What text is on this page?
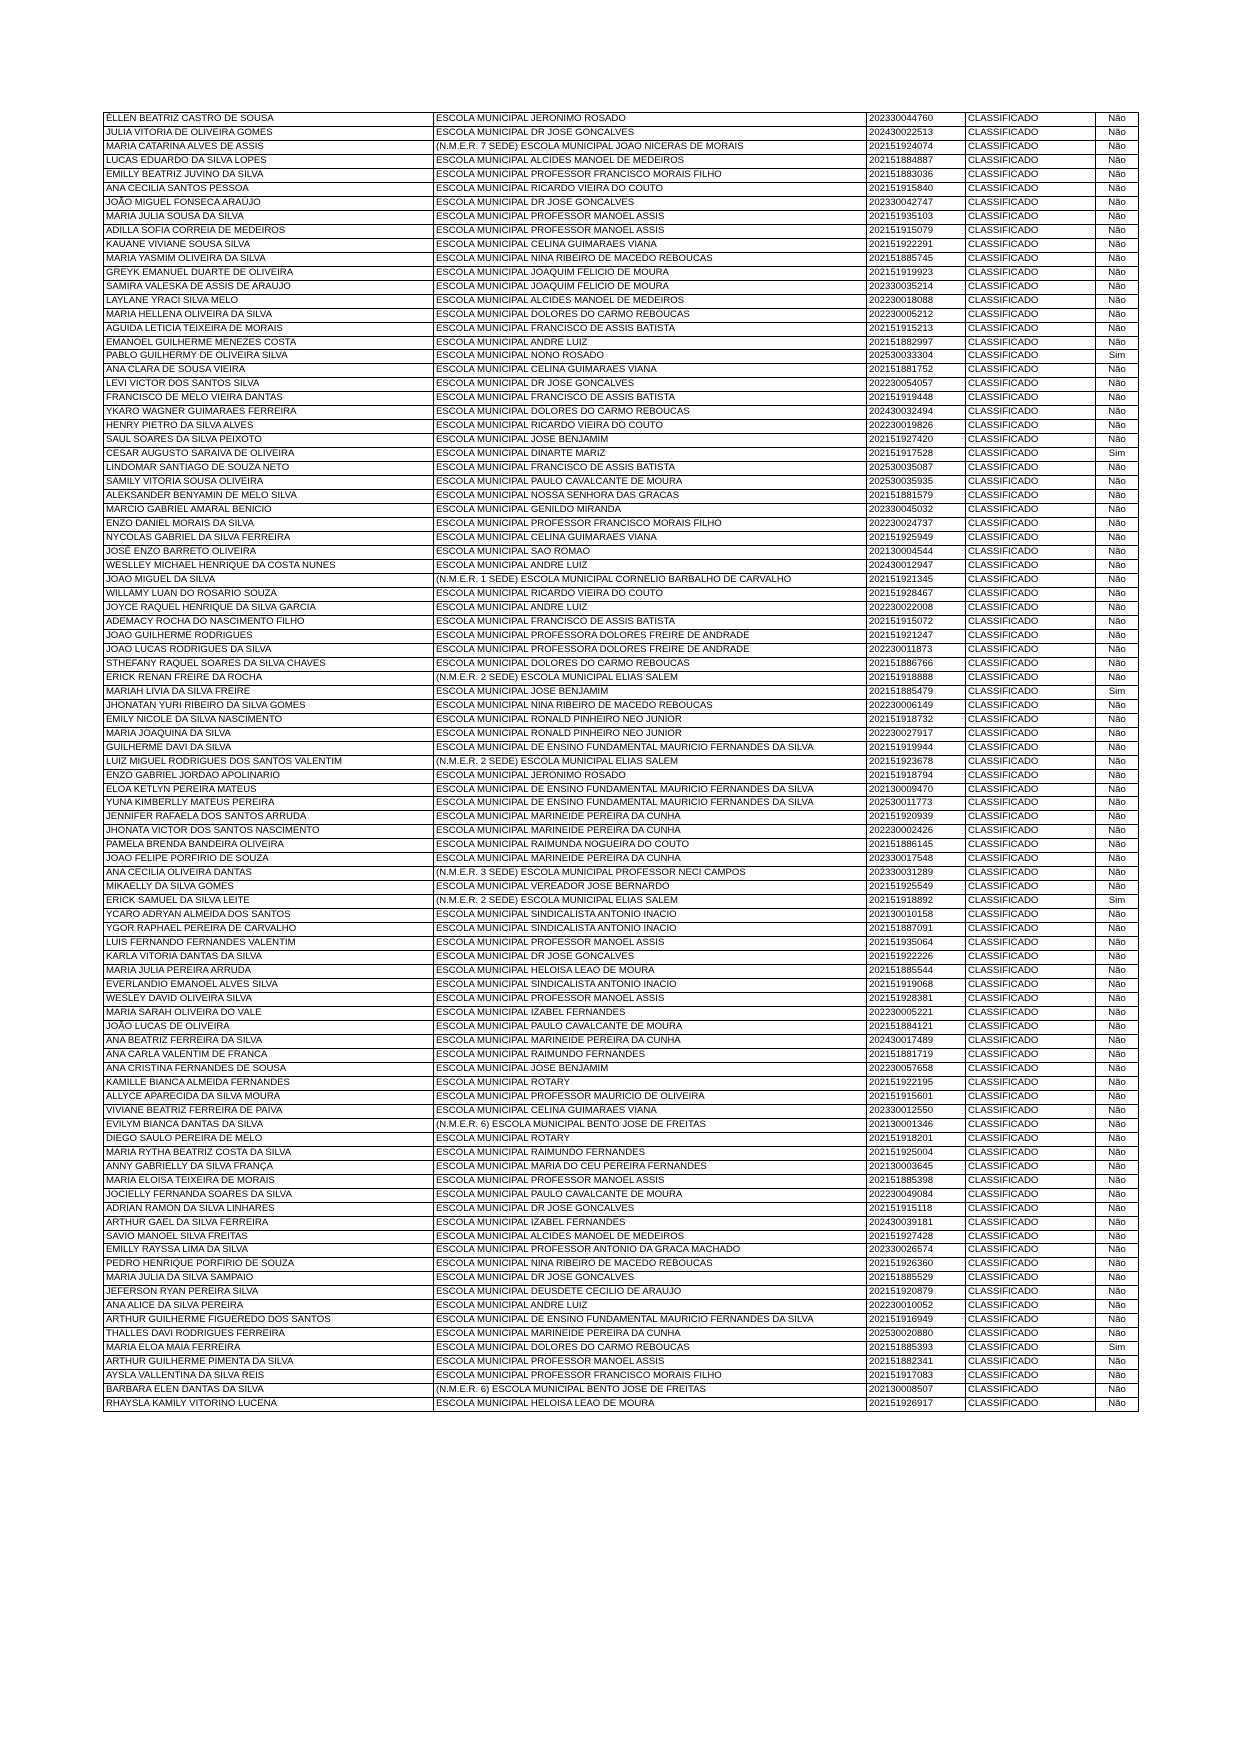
ÉLLEN BEATRIZ CASTRO DE SOUSA	ESCOLA MUNICIPAL JERONIMO ROSADO	202330044760	CLASSIFICADO	Não
JULIA VITORIA DE OLIVEIRA GOMES	ESCOLA MUNICIPAL DR JOSE GONCALVES	202430022513	CLASSIFICADO	Não
MARIA CATARINA ALVES DE ASSIS	(N.M.E.R. 7 SEDE) ESCOLA MUNICIPAL JOAO NICERAS DE MORAIS	202151924074	CLASSIFICADO	Não
LUCAS EDUARDO DA SILVA LOPES	ESCOLA MUNICIPAL ALCIDES MANOEL DE MEDEIROS	202151884887	CLASSIFICADO	Não
EMILLY BEATRIZ JUVINO DA SILVA	ESCOLA MUNICIPAL PROFESSOR FRANCISCO MORAIS FILHO	202151883036	CLASSIFICADO	Não
ANA CECILIA SANTOS PESSOA	ESCOLA MUNICIPAL RICARDO VIEIRA DO COUTO	202151915840	CLASSIFICADO	Não
JOÃO MIGUEL FONSECA ARAÚJO	ESCOLA MUNICIPAL DR JOSE GONCALVES	202330042747	CLASSIFICADO	Não
MARIA JULIA SOUSA DA SILVA	ESCOLA MUNICIPAL PROFESSOR MANOEL ASSIS	202151935103	CLASSIFICADO	Não
ADILLA SOFIA CORREIA DE MEDEIROS	ESCOLA MUNICIPAL PROFESSOR MANOEL ASSIS	202151915079	CLASSIFICADO	Não
KAUANE VIVIANE SOUSA SILVA	ESCOLA MUNICIPAL CELINA GUIMARAES VIANA	202151922291	CLASSIFICADO	Não
MARIA YASMIM OLIVEIRA DA SILVA	ESCOLA MUNICIPAL NINA RIBEIRO DE MACEDO REBOUCAS	202151885745	CLASSIFICADO	Não
GREYK EMANUEL DUARTE DE OLIVEIRA	ESCOLA MUNICIPAL JOAQUIM FELICIO DE MOURA	202151919923	CLASSIFICADO	Não
SAMIRA VALESKA DE ASSIS DE ARAUJO	ESCOLA MUNICIPAL JOAQUIM FELICIO DE MOURA	202330035214	CLASSIFICADO	Não
LAYLANE YRACI SILVA MELO	ESCOLA MUNICIPAL ALCIDES MANOEL DE MEDEIROS	202230018088	CLASSIFICADO	Não
MARIA HELLENA OLIVEIRA DA SILVA	ESCOLA MUNICIPAL DOLORES DO CARMO REBOUCAS	202230005212	CLASSIFICADO	Não
AGUIDA LETICIA TEIXEIRA DE MORAIS	ESCOLA MUNICIPAL FRANCISCO DE ASSIS BATISTA	202151915213	CLASSIFICADO	Não
EMANOEL GUILHERME MENEZES COSTA	ESCOLA MUNICIPAL ANDRE LUIZ	202151882997	CLASSIFICADO	Não
PABLO GUILHERMY DE OLIVEIRA SILVA	ESCOLA MUNICIPAL NONO ROSADO	202530033304	CLASSIFICADO	Sim
ANA CLARA DE SOUSA VIEIRA	ESCOLA MUNICIPAL CELINA GUIMARAES VIANA	202151881752	CLASSIFICADO	Não
LEVI VICTOR DOS SANTOS SILVA	ESCOLA MUNICIPAL DR JOSE GONCALVES	202230054057	CLASSIFICADO	Não
FRANCISCO DE MELO VIEIRA DANTAS	ESCOLA MUNICIPAL FRANCISCO DE ASSIS BATISTA	202151919448	CLASSIFICADO	Não
YKARO WAGNER GUIMARAES FERREIRA	ESCOLA MUNICIPAL DOLORES DO CARMO REBOUCAS	202430032494	CLASSIFICADO	Não
HENRY PIETRO DA SILVA ALVES	ESCOLA MUNICIPAL RICARDO VIEIRA DO COUTO	202230019826	CLASSIFICADO	Não
SAUL SOARES DA SILVA PEIXOTO	ESCOLA MUNICIPAL JOSE BENJAMIM	202151927420	CLASSIFICADO	Não
CESAR AUGUSTO SARAIVA DE OLIVEIRA	ESCOLA MUNICIPAL DINARTE MARIZ	202151917528	CLASSIFICADO	Sim
LINDOMAR SANTIAGO DE SOUZA NETO	ESCOLA MUNICIPAL FRANCISCO DE ASSIS BATISTA	202530035087	CLASSIFICADO	Não
SAMILY VITORIA SOUSA OLIVEIRA	ESCOLA MUNICIPAL PAULO CAVALCANTE DE MOURA	202530035935	CLASSIFICADO	Não
ALEKSANDER BENYAMIN DE MELO SILVA	ESCOLA MUNICIPAL NOSSA SENHORA DAS GRACAS	202151881579	CLASSIFICADO	Não
MARCIO GABRIEL AMARAL BENICIO	ESCOLA MUNICIPAL GENILDO MIRANDA	202330045032	CLASSIFICADO	Não
ENZO DANIEL MORAIS DA SILVA	ESCOLA MUNICIPAL PROFESSOR FRANCISCO MORAIS FILHO	202230024737	CLASSIFICADO	Não
NYCOLAS GABRIEL DA SILVA FERREIRA	ESCOLA MUNICIPAL CELINA GUIMARAES VIANA	202151925949	CLASSIFICADO	Não
JOSÉ ENZO BARRETO OLIVEIRA	ESCOLA MUNICIPAL SAO ROMAO	202130004544	CLASSIFICADO	Não
WESLLEY MICHAEL HENRIQUE DA COSTA NUNES	ESCOLA MUNICIPAL ANDRE LUIZ	202430012947	CLASSIFICADO	Não
JOAO MIGUEL DA SILVA	(N.M.E.R. 1 SEDE) ESCOLA MUNICIPAL CORNELIO BARBALHO DE CARVALHO	202151921345	CLASSIFICADO	Não
WILLAMY LUAN DO ROSARIO SOUZA	ESCOLA MUNICIPAL RICARDO VIEIRA DO COUTO	202151928467	CLASSIFICADO	Não
JOYCE RAQUEL HENRIQUE DA SILVA GARCIA	ESCOLA MUNICIPAL ANDRE LUIZ	202230022008	CLASSIFICADO	Não
ADEMACY ROCHA DO NASCIMENTO FILHO	ESCOLA MUNICIPAL FRANCISCO DE ASSIS BATISTA	202151915072	CLASSIFICADO	Não
JOAO GUILHERME RODRIGUES	ESCOLA MUNICIPAL PROFESSORA DOLORES FREIRE DE ANDRADE	202151921247	CLASSIFICADO	Não
JOAO LUCAS RODRIGUES DA SILVA	ESCOLA MUNICIPAL PROFESSORA DOLORES FREIRE DE ANDRADE	202230011873	CLASSIFICADO	Não
STHEFANY RAQUEL SOARES DA SILVA CHAVES	ESCOLA MUNICIPAL DOLORES DO CARMO REBOUCAS	202151886766	CLASSIFICADO	Não
ERICK RENAN FREIRE DA ROCHA	(N.M.E.R. 2 SEDE) ESCOLA MUNICIPAL ELIAS SALEM	202151918888	CLASSIFICADO	Não
MARIAH LIVIA DA SILVA FREIRE	ESCOLA MUNICIPAL JOSE BENJAMIM	202151885479	CLASSIFICADO	Sim
JHONATAN YURI RIBEIRO DA SILVA GOMES	ESCOLA MUNICIPAL NINA RIBEIRO DE MACEDO REBOUCAS	202230006149	CLASSIFICADO	Não
EMILY NICOLE DA SILVA NASCIMENTO	ESCOLA MUNICIPAL RONALD PINHEIRO NEO JUNIOR	202151918732	CLASSIFICADO	Não
MARIA JOAQUINA DA SILVA	ESCOLA MUNICIPAL RONALD PINHEIRO NEO JUNIOR	202230027917	CLASSIFICADO	Não
GUILHERME DAVI DA SILVA	ESCOLA MUNICIPAL DE ENSINO FUNDAMENTAL MAURICIO FERNANDES DA SILVA	202151919944	CLASSIFICADO	Não
LUIZ MIGUEL RODRIGUES DOS SANTOS VALENTIM	(N.M.E.R. 2 SEDE) ESCOLA MUNICIPAL ELIAS SALEM	202151923678	CLASSIFICADO	Não
ENZO GABRIEL JORDAO APOLINARIO	ESCOLA MUNICIPAL JERONIMO ROSADO	202151918794	CLASSIFICADO	Não
ELOA KETLYN PEREIRA MATEUS	ESCOLA MUNICIPAL DE ENSINO FUNDAMENTAL MAURICIO FERNANDES DA SILVA	202130009470	CLASSIFICADO	Não
YUNA KIMBERLLY MATEUS PEREIRA	ESCOLA MUNICIPAL DE ENSINO FUNDAMENTAL MAURICIO FERNANDES DA SILVA	202530011773	CLASSIFICADO	Não
JENNIFER RAFAELA DOS SANTOS ARRUDA	ESCOLA MUNICIPAL MARINEIDE PEREIRA DA CUNHA	202151920939	CLASSIFICADO	Não
JHONATA VICTOR DOS SANTOS NASCIMENTO	ESCOLA MUNICIPAL MARINEIDE PEREIRA DA CUNHA	202230002426	CLASSIFICADO	Não
PAMELA BRENDA BANDEIRA OLIVEIRA	ESCOLA MUNICIPAL RAIMUNDA NOGUEIRA DO COUTO	202151886145	CLASSIFICADO	Não
JOAO FELIPE PORFIRIO DE SOUZA	ESCOLA MUNICIPAL MARINEIDE PEREIRA DA CUNHA	202330017548	CLASSIFICADO	Não
ANA CECILIA OLIVEIRA DANTAS	(N.M.E.R. 3 SEDE) ESCOLA MUNICIPAL PROFESSOR NECI CAMPOS	202330031289	CLASSIFICADO	Não
MIKAELLY DA SILVA GOMES	ESCOLA MUNICIPAL VEREADOR JOSE BERNARDO	202151925549	CLASSIFICADO	Não
ERICK SAMUEL DA SILVA LEITE	(N.M.E.R. 2 SEDE) ESCOLA MUNICIPAL ELIAS SALEM	202151918892	CLASSIFICADO	Sim
YCARO ADRYAN ALMEIDA DOS SANTOS	ESCOLA MUNICIPAL SINDICALISTA ANTONIO INACIO	202130010158	CLASSIFICADO	Não
YGOR RAPHAEL PEREIRA DE CARVALHO	ESCOLA MUNICIPAL SINDICALISTA ANTONIO INACIO	202151887091	CLASSIFICADO	Não
LUIS FERNANDO FERNANDES VALENTIM	ESCOLA MUNICIPAL PROFESSOR MANOEL ASSIS	202151935064	CLASSIFICADO	Não
KARLA VITORIA DANTAS DA SILVA	ESCOLA MUNICIPAL DR JOSE GONCALVES	202151922226	CLASSIFICADO	Não
MARIA JULIA PEREIRA ARRUDA	ESCOLA MUNICIPAL HELOISA LEAO DE MOURA	202151885544	CLASSIFICADO	Não
EVERLANDIO EMANOEL ALVES SILVA	ESCOLA MUNICIPAL SINDICALISTA ANTONIO INACIO	202151919068	CLASSIFICADO	Não
WESLEY DAVID OLIVEIRA SILVA	ESCOLA MUNICIPAL PROFESSOR MANOEL ASSIS	202151928381	CLASSIFICADO	Não
MARIA SARAH OLIVEIRA DO VALE	ESCOLA MUNICIPAL IZABEL FERNANDES	202230005221	CLASSIFICADO	Não
JOÃO LUCAS DE OLIVEIRA	ESCOLA MUNICIPAL PAULO CAVALCANTE DE MOURA	202151884121	CLASSIFICADO	Não
ANA BEATRIZ FERREIRA DA SILVA	ESCOLA MUNICIPAL MARINEIDE PEREIRA DA CUNHA	202430017489	CLASSIFICADO	Não
ANA CARLA VALENTIM DE FRANCA	ESCOLA MUNICIPAL RAIMUNDO FERNANDES	202151881719	CLASSIFICADO	Não
ANA CRISTINA FERNANDES DE SOUSA	ESCOLA MUNICIPAL JOSE BENJAMIM	202230057658	CLASSIFICADO	Não
KAMILLE BIANCA ALMEIDA FERNANDES	ESCOLA MUNICIPAL ROTARY	202151922195	CLASSIFICADO	Não
ALLYCE APARECIDA DA SILVA MOURA	ESCOLA MUNICIPAL PROFESSOR MAURICIO DE OLIVEIRA	202151915601	CLASSIFICADO	Não
VIVIANE BEATRIZ FERREIRA DE PAIVA	ESCOLA MUNICIPAL CELINA GUIMARAES VIANA	202330012550	CLASSIFICADO	Não
EVILYM BIANCA DANTAS DA SILVA	(N.M.E.R. 6) ESCOLA MUNICIPAL BENTO JOSE DE FREITAS	202130001346	CLASSIFICADO	Não
DIEGO SAULO PEREIRA DE MELO	ESCOLA MUNICIPAL ROTARY	202151918201	CLASSIFICADO	Não
MARIA RYTHA BEATRIZ COSTA DA SILVA	ESCOLA MUNICIPAL RAIMUNDO FERNANDES	202151925004	CLASSIFICADO	Não
ANNY GABRIELLY DA SILVA FRANÇA	ESCOLA MUNICIPAL MARIA DO CEU PEREIRA FERNANDES	202130003645	CLASSIFICADO	Não
MARIA ELOISA TEIXEIRA DE MORAIS	ESCOLA MUNICIPAL PROFESSOR MANOEL ASSIS	202151885398	CLASSIFICADO	Não
JOCIELLY FERNANDA SOARES DA SILVA	ESCOLA MUNICIPAL PAULO CAVALCANTE DE MOURA	202230049084	CLASSIFICADO	Não
ADRIAN RAMON DA SILVA LINHARES	ESCOLA MUNICIPAL DR JOSE GONCALVES	202151915118	CLASSIFICADO	Não
ARTHUR GAEL DA SILVA FERREIRA	ESCOLA MUNICIPAL IZABEL FERNANDES	202430039181	CLASSIFICADO	Não
SAVIO MANOEL SILVA FREITAS	ESCOLA MUNICIPAL ALCIDES MANOEL DE MEDEIROS	202151927428	CLASSIFICADO	Não
EMILLY RAYSSA LIMA DA SILVA	ESCOLA MUNICIPAL PROFESSOR ANTONIO DA GRACA MACHADO	202330026574	CLASSIFICADO	Não
PEDRO HENRIQUE PORFIRIO DE SOUZA	ESCOLA MUNICIPAL NINA RIBEIRO DE MACEDO REBOUCAS	202151926360	CLASSIFICADO	Não
MARIA JULIA DA SILVA SAMPAIO	ESCOLA MUNICIPAL DR JOSE GONCALVES	202151885529	CLASSIFICADO	Não
JEFERSON RYAN PEREIRA SILVA	ESCOLA MUNICIPAL DEUSDETE CECILIO DE ARAUJO	202151920879	CLASSIFICADO	Não
ANA ALICE DA SILVA PEREIRA	ESCOLA MUNICIPAL ANDRE LUIZ	202230010052	CLASSIFICADO	Não
ARTHUR GUILHERME FIGUEREDO DOS SANTOS	ESCOLA MUNICIPAL DE ENSINO FUNDAMENTAL MAURICIO FERNANDES DA SILVA	202151916949	CLASSIFICADO	Não
THALLES DAVI RODRIGUES FERREIRA	ESCOLA MUNICIPAL MARINEIDE PEREIRA DA CUNHA	202530020880	CLASSIFICADO	Não
MARIA ELOA MAIA FERREIRA	ESCOLA MUNICIPAL DOLORES DO CARMO REBOUCAS	202151885393	CLASSIFICADO	Sim
ARTHUR GUILHERME PIMENTA DA SILVA	ESCOLA MUNICIPAL PROFESSOR MANOEL ASSIS	202151882341	CLASSIFICADO	Não
AYSLA VALLENTINA DA SILVA REIS	ESCOLA MUNICIPAL PROFESSOR FRANCISCO MORAIS FILHO	202151917083	CLASSIFICADO	Não
BARBARA ELEN DANTAS DA SILVA	(N.M.E.R. 6) ESCOLA MUNICIPAL BENTO JOSE DE FREITAS	202130008507	CLASSIFICADO	Não
RHAYSLA KAMILY VITORINO LUCENA	ESCOLA MUNICIPAL HELOISA LEAO DE MOURA	202151926917	CLASSIFICADO	Não
